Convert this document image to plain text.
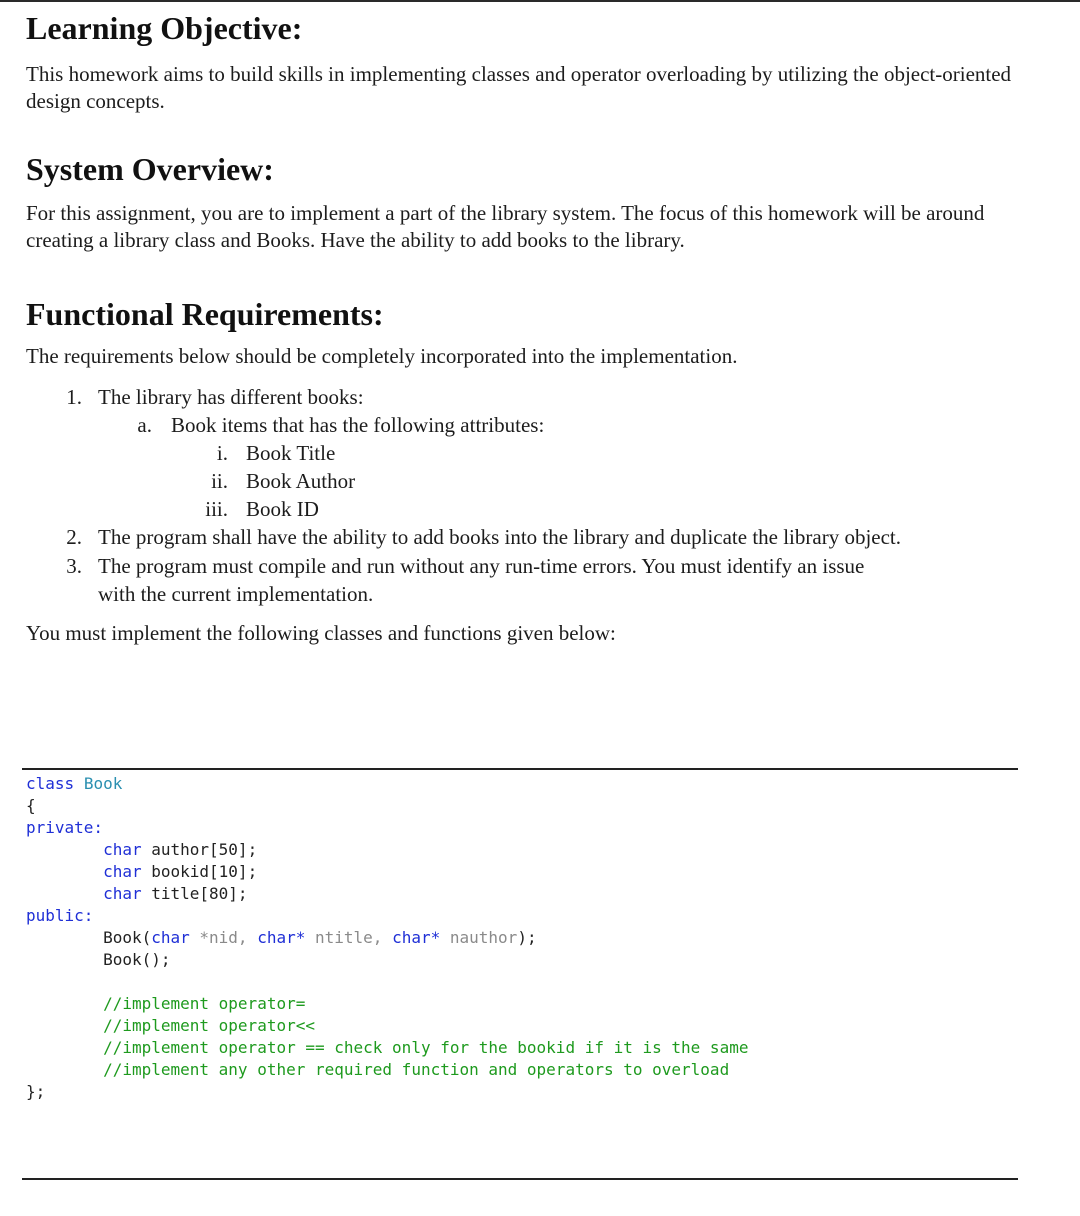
Learning Objective:

This homework aims to build skills in implementing classes and operator overloading by utilizing the object-oriented design concepts.

System Overview:

For this assignment, you are to implement a part of the library system. The focus of this homework will be around creating a library class and Books. Have the ability to add books to the library.

Functional Requirements:

The requirements below should be completely incorporated into the implementation.

1. The library has different books:
a. Book items that has the following attributes:
i. Book Title
ii. Book Author
iii. Book ID
2. The program shall have the ability to add books into the library and duplicate the library object.
3. The program must compile and run without any run-time errors. You must identify an issue
with the current implementation.

You must implement the following classes and functions given below:

class Book
{
private:
char author[50];
char bookid[10];
char title[80];
public:
Book(char *nid, char* ntitle, char* nauthor);
Book();

//implement operator=
//implement operator<<
//implement operator == check only for the bookid if it is the same
//implement any other required function and operators to overload
};
